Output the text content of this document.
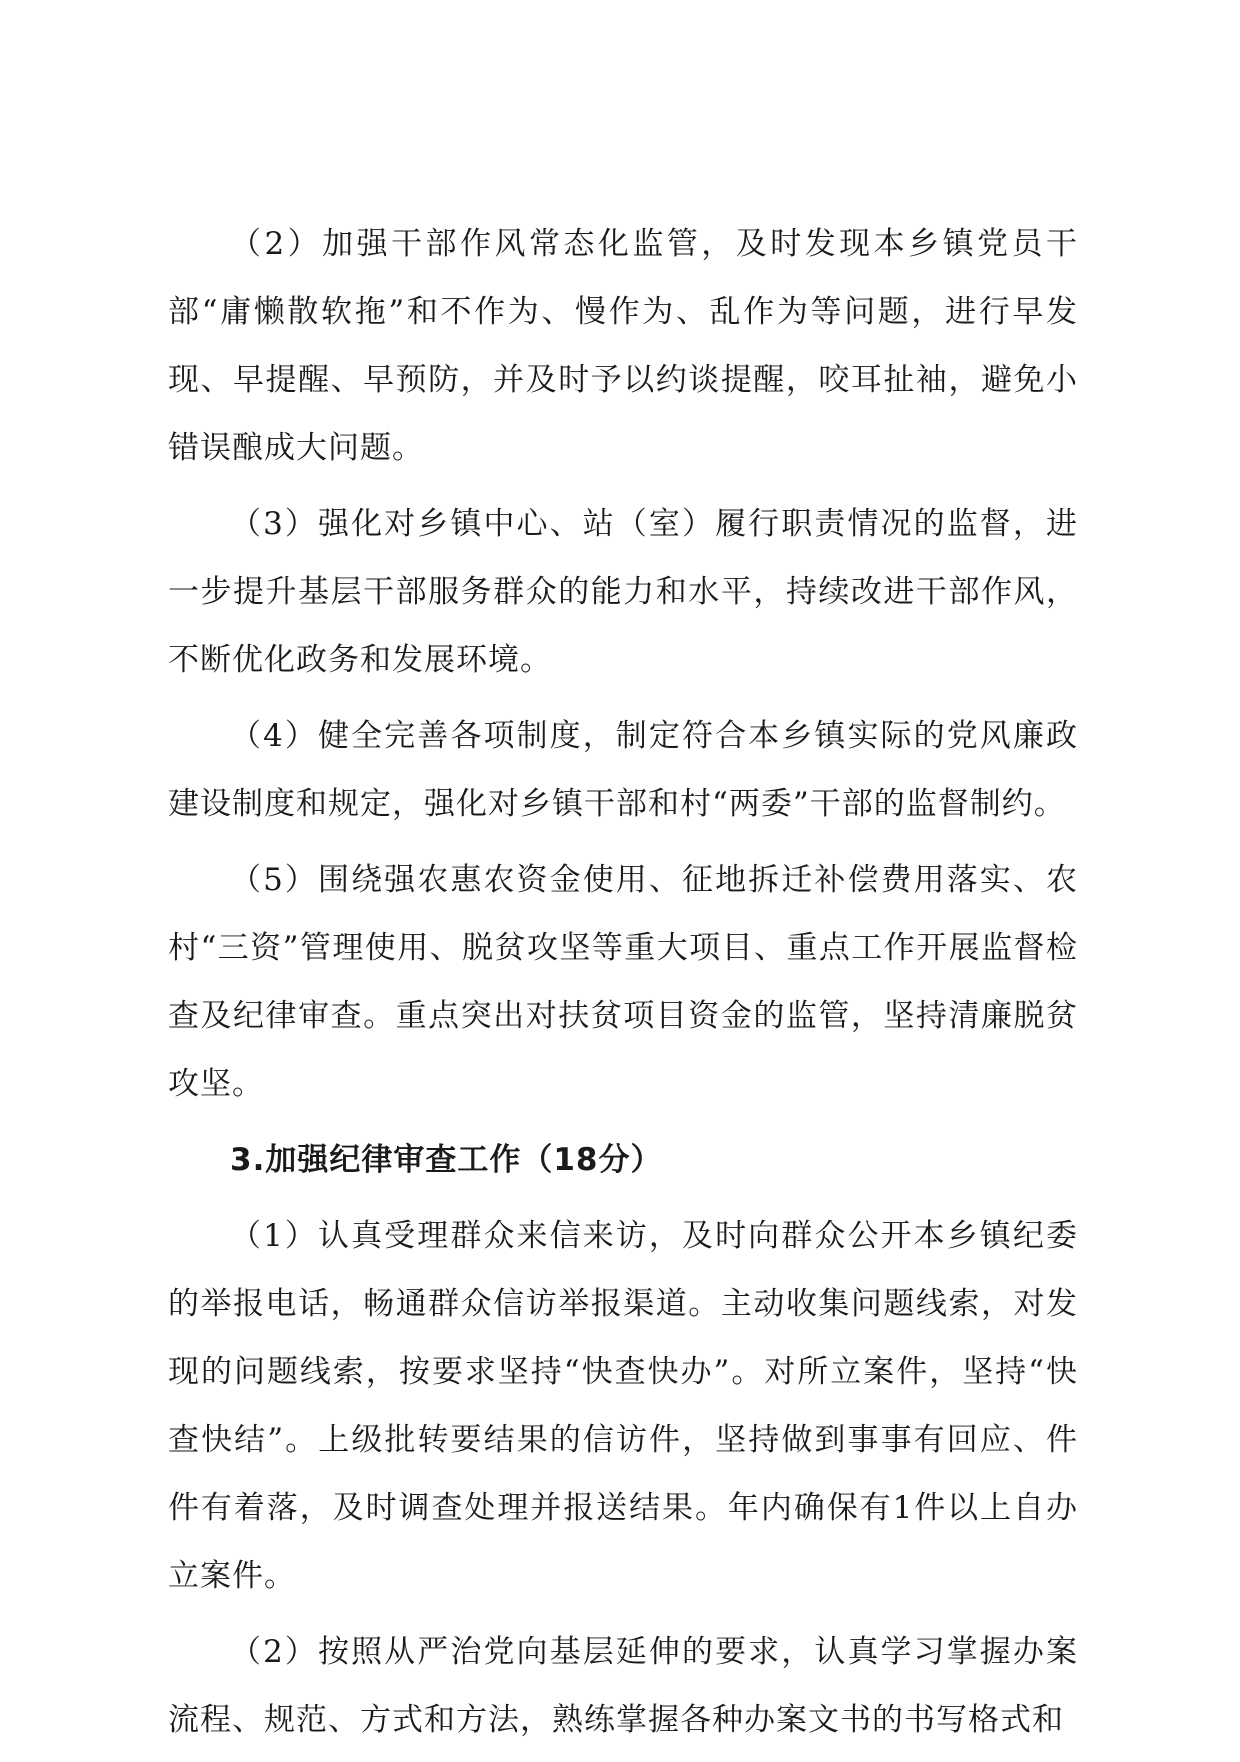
（2）加强干部作风常态化监管，及时发现本乡镇党员干部“庸懒散软拖”和不作为、慢作为、乱作为等问题，进行早发现、早提醒、早预防，并及时予以约谈提醒，咬耳扯袖，避免小错误酿成大问题。

（3）强化对乡镇中心、站（室）履行职责情况的监督，进一步提升基层干部服务群众的能力和水平，持续改进干部作风，不断优化政务和发展环境。

（4）健全完善各项制度，制定符合本乡镇实际的党风廉政建设制度和规定，强化对乡镇干部和村“两委”干部的监督制约。

（5）围绕强农惠农资金使用、征地拆迁补偿费用落实、农村“三资”管理使用、脱贫攻坚等重大项目、重点工作开展监督检查及纪律审查。重点突出对扶贫项目资金的监管，坚持清廉脱贫攻坚。

3.加强纪律审查工作（18分）

（1）认真受理群众来信来访，及时向群众公开本乡镇纪委的举报电话，畅通群众信访举报渠道。主动收集问题线索，对发现的问题线索，按要求坚持“快查快办”。对所立案件，坚持“快查快结”。上级批转要结果的信访件，坚持做到事事有回应、件件有着落，及时调查处理并报送结果。年内确保有1件以上自办立案件。

（2）按照从严治党向基层延伸的要求，认真学习掌握办案流程、规范、方式和方法，熟练掌握各种办案文书的书写格式和
